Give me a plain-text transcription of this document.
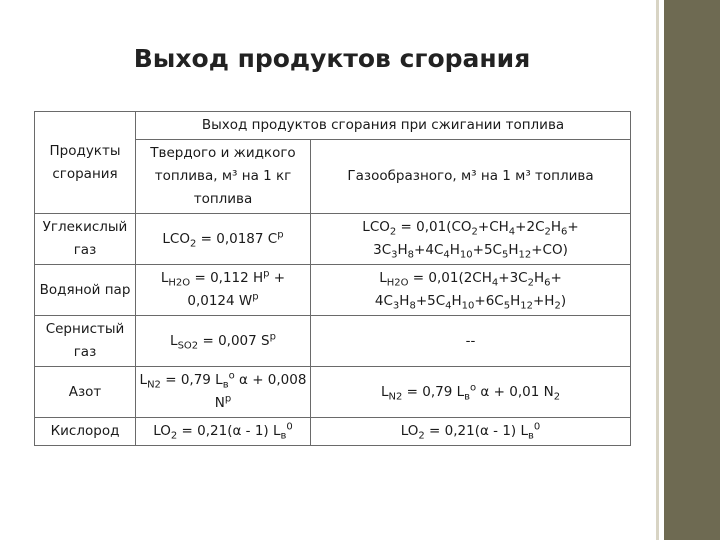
Выход продуктов сгорания
Продукты сгорания	Выход продуктов сгорания при сжигании топлива	
	Твердого и жидкого топлива, м³ на 1 кг топлива	Газообразного, м³ на 1 м³ топлива
Углекислый газ	$LCO_2 = 0,0187$ $C^p$	$LCO_2 = 0,01(CO_2+CH_4+2C_2H_6+ 3C_3H_8+4C_4H_{10}+5C_5H_{12}+CO)$
Водяной пар	$L_{H2O} = 0,112$ $H^p + 0,0124$ $W^p$	$L_{H2O} = 0,01(2CH_4+3C_2H_6+ 4C_3H_8+5C_4H_{10}+6C_5H_{12}+H_2)$
Сернистый газ	$L_{SO2} = 0,007$ $S^p$	--
Азот	$L_{N2} = 0,79$ $L_в^o$ α + 0,008 $N^p$	$L_{N2} = 0,79$ $L_в^o$ α + 0,01 $N_2$
Кислород	$LO_2 = 0,21(\alpha - 1)$ $L_в^0$	$LO_2 = 0,21(\alpha - 1)$ $L_в^0$
